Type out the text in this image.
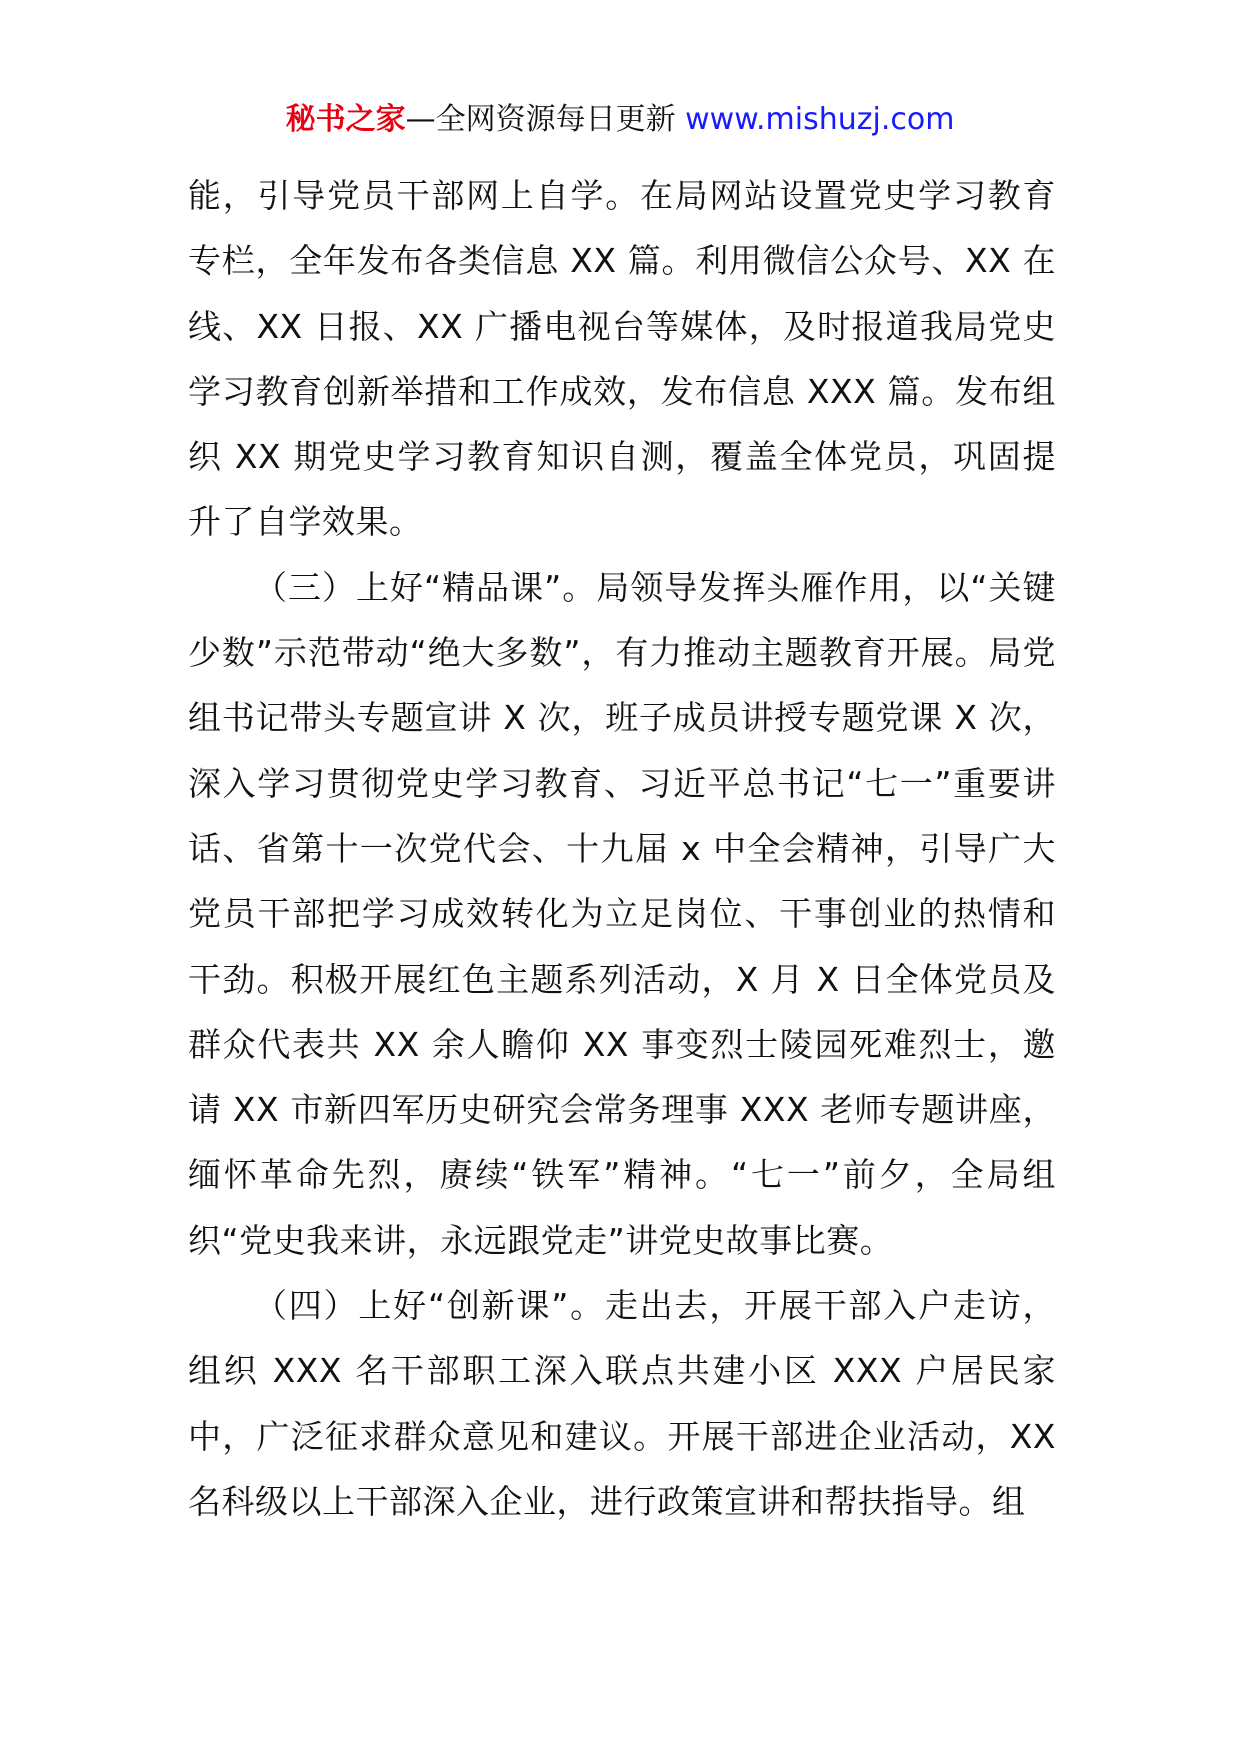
秘书之家—全网资源每日更新 www.mishuzj.com

能，引导党员干部网上自学。在局网站设置党史学习教育专栏，全年发布各类信息 XX 篇。利用微信公众号、XX 在线、XX 日报、XX 广播电视台等媒体，及时报道我局党史学习教育创新举措和工作成效，发布信息 XXX 篇。发布组织 XX 期党史学习教育知识自测，覆盖全体党员，巩固提升了自学效果。

（三）上好“精品课”。局领导发挥头雁作用，以“关键少数”示范带动“绝大多数”，有力推动主题教育开展。局党组书记带头专题宣讲 X 次，班子成员讲授专题党课 X 次，深入学习贯彻党史学习教育、习近平总书记“七一”重要讲话、省第十一次党代会、十九届 x 中全会精神，引导广大党员干部把学习成效转化为立足岗位、干事创业的热情和干劲。积极开展红色主题系列活动，X 月 X 日全体党员及群众代表共 XX 余人瞻仰 XX 事变烈士陵园死难烈士，邀请 XX 市新四军历史研究会常务理事 XXX 老师专题讲座，缅怀革命先烈，赓续“铁军”精神。“七一”前夕，全局组织“党史我来讲，永远跟党走”讲党史故事比赛。

（四）上好“创新课”。走出去，开展干部入户走访，组织 XXX 名干部职工深入联点共建小区 XXX 户居民家中，广泛征求群众意见和建议。开展干部进企业活动，XX 名科级以上干部深入企业，进行政策宣讲和帮扶指导。组
